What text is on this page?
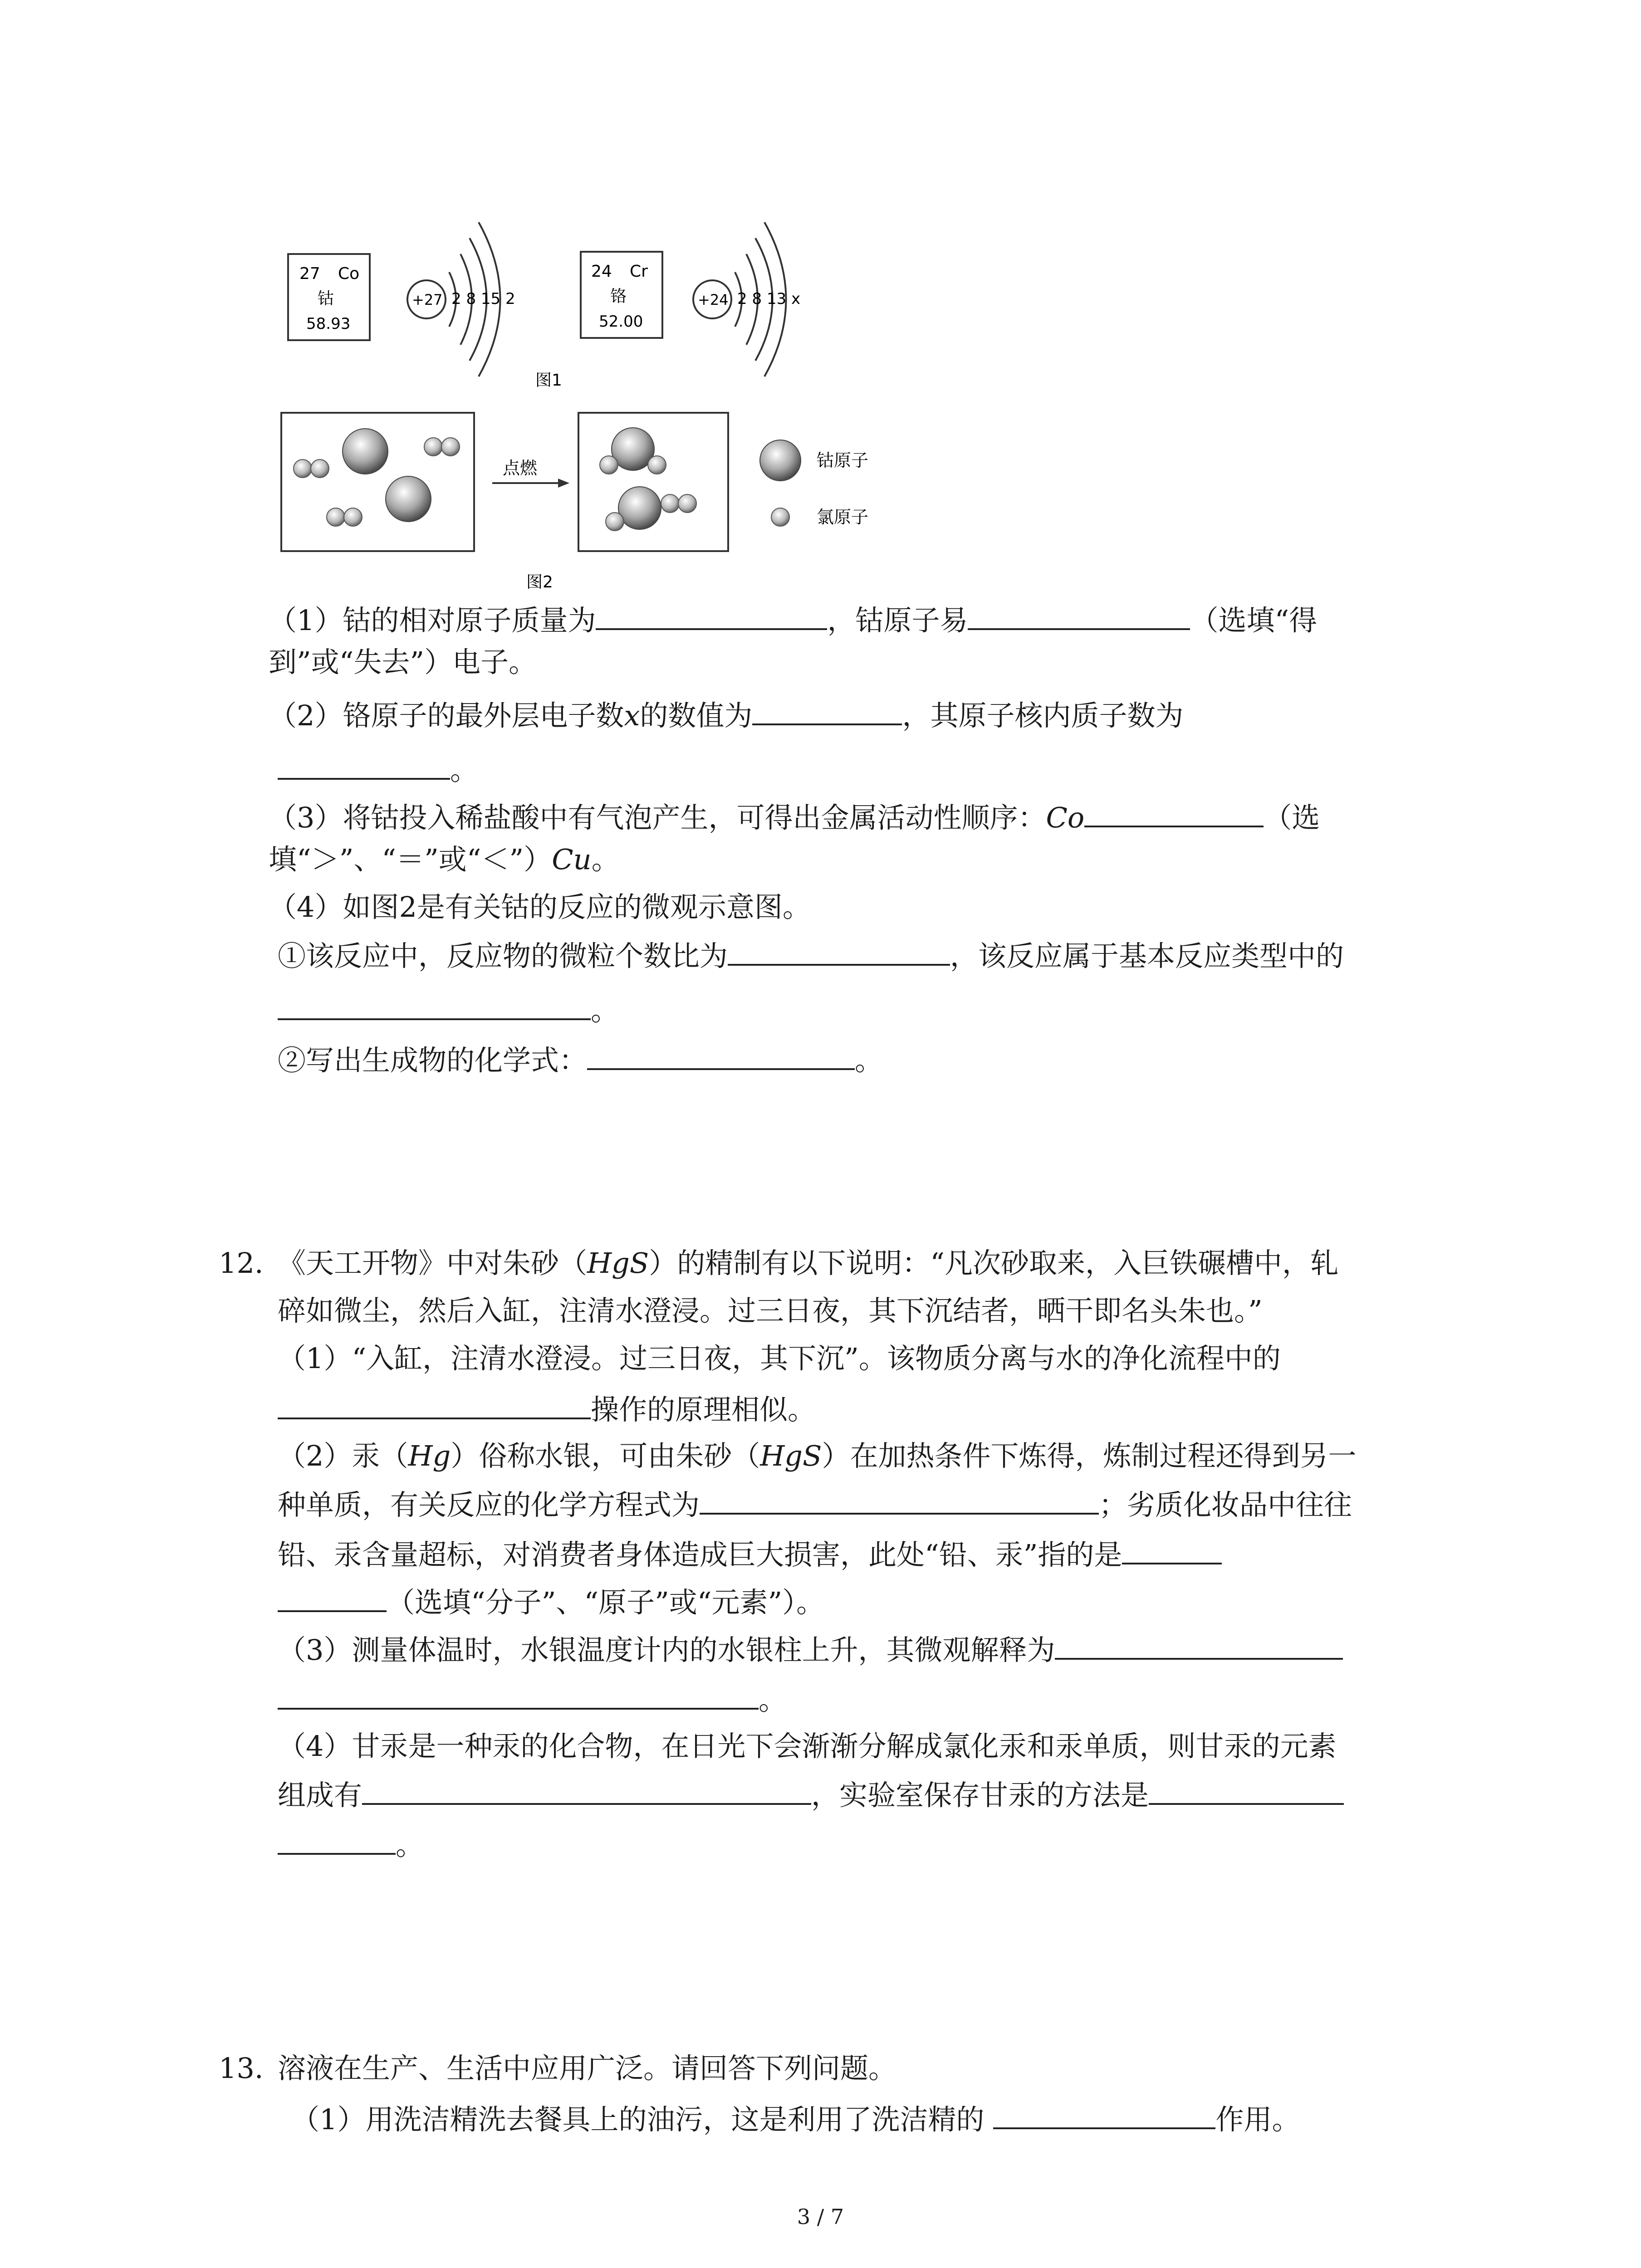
27 Co
钴
58.93
+27 2 8 15 2
24 Cr
铬
52.00
+24 2 8 13 x
图1
点燃	钴原子
氯原子
图2
（1）钴的相对原子质量为	，钴原子易	（选填“得
到”或“失去”）电子。
（2）铬原子的最外层电子数x的数值为	，其原子核内质子数为
。
（3）将钴投入稀盐酸中有气泡产生，可得出金属活动性顺序：Co	（选
填“＞”、“＝”或“＜”）Cu。
（4）如图2是有关钴的反应的微观示意图。
①该反应中，反应物的微粒个数比为	，该反应属于基本反应类型中的
。
②写出生成物的化学式：	。
12. 《天工开物》中对朱砂（HgS）的精制有以下说明：“凡次砂取来，入巨铁碾槽中，轧
碎如微尘，然后入缸，注清水澄浸。过三日夜，其下沉结者，晒干即名头朱也。”
（1）“入缸，注清水澄浸。过三日夜，其下沉”。该物质分离与水的净化流程中的
操作的原理相似。
（2）汞（Hg）俗称水银，可由朱砂（HgS）在加热条件下炼得，炼制过程还得到另一
种单质，有关反应的化学方程式为	；劣质化妆品中往往
铅、汞含量超标，对消费者身体造成巨大损害，此处“铅、汞”指的是
（选填“分子”、“原子”或“元素”）。
（3）测量体温时，水银温度计内的水银柱上升，其微观解释为
。
（4）甘汞是一种汞的化合物，在日光下会渐渐分解成氯化汞和汞单质，则甘汞的元素
组成有	，实验室保存甘汞的方法是
。
13. 溶液在生产、生活中应用广泛。请回答下列问题。
（1）用洗洁精洗去餐具上的油污，这是利用了洗洁精的	作用。
3 / 7
